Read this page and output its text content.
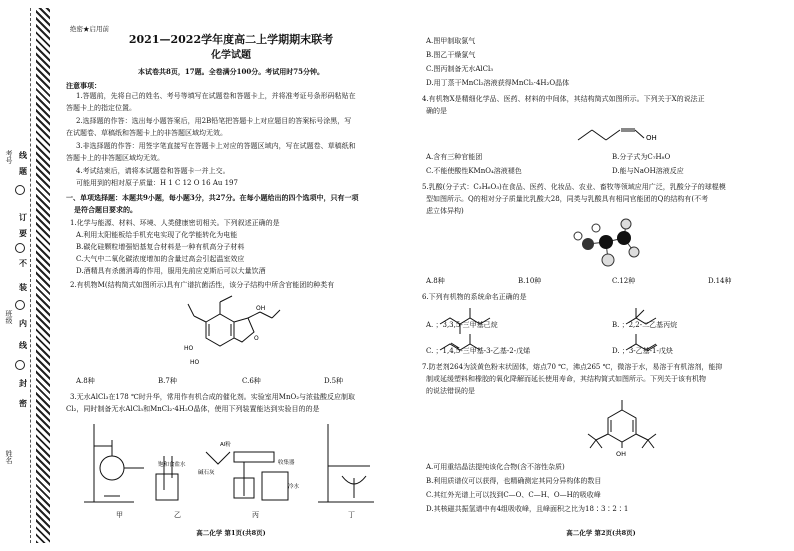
考号
班级
姓名
线
题
订
要
不
装
内
线
封
密
绝密★启用前
2021—2022学年度高二上学期期末联考
化学试题
本试卷共8页，17题。全卷满分100分。考试用时75分钟。
注意事项：
1.答题前，先将自己的姓名、考号等填写在试题卷和答题卡上，并将准考证号条形码粘贴在
答题卡上的指定位置。
2.选择题的作答：选出每小题答案后，用2B铅笔把答题卡上对应题目的答案标号涂黑，写
在试题卷、草稿纸和答题卡上的非答题区域均无效。
3.非选择题的作答：用签字笔直接写在答题卡上对应的答题区域内，写在试题卷、草稿纸和
答题卡上的非答题区域均无效。
4.考试结束后，请将本试题卷和答题卡一并上交。
可能用到的相对原子质量：H 1 C 12 O 16 Au 197
一、单项选择题：本题共9小题，每小题3分，共27分。在每小题给出的四个选项中，只有一项
是符合题目要求的。
1.化学与能源、材料、环境、人类健康密切相关。下列叙述正确的是
A.利用太阳能板给手机充电实现了化学能转化为电能
B.碳化硅颗粒增强铝基复合材料是一种有机高分子材料
C.大气中二氧化碳浓度增加的含量过高会引起温室效应
D.酒精具有杀菌消毒的作用，服用先前应克斯后可以大量饮酒
2.有机物M(结构简式如图所示)具有广谱抗菌活性，该分子结构中所含官能团的种类有
HO
HO
O
OH
A.8种	B.7种	C.6种	D.5种
3.无水AlCl₃在178 ℃时升华，常用作有机合成的催化剂。实验室用MnO₂与浓盐酸反应制取
Cl₂，同时制备无水AlCl₃和MnCl₂·4H₂O晶体，使用下列装置能达到实验目的的是
Al粉
饱和食盐水
碱石灰
收集器
冷水
甲	乙	丙	丁
高二化学 第1页(共8页)
A.图甲制取氯气
B.图乙干燥氯气
C.图丙制备无水AlCl₃
D.用丁蒸干MnCl₂溶液获得MnCl₂·4H₂O晶体
4.有机物X是精细化学品、医药、材料的中间体，其结构简式如图所示。下列关于X的说法正
确的是
OH
A.含有三种官能团	B.分子式为C₇H₈O
C.不能使酸性KMnO₄溶液褪色	D.能与NaOH溶液反应
5.乳酸(分子式：C₃H₆O₃)在食品、医药、化妆品、农业、畜牧等领域应用广泛，乳酸分子的球棍模
型如图所示。Q的相对分子质量比乳酸大28，同类与乳酸具有相同官能团的Q的结构有(不考
虑立体异构)
A.8种	B.10种	C.12种	D.14种
6.下列有机物的系统命名正确的是
A. ；3,3,5-三甲基己烷	B. ；2,2-二乙基丙烷
C. ；1,4,5-三甲基-3-乙基-2-戊烯	D. ；3-乙基-1-戊炔
7.防老剂264为淡黄色粉末状固体，熔点70 ℃，沸点265 ℃，微溶于水，易溶于有机溶剂，能抑
制或延缓塑料和橡胶的氧化降解而延长使用寿命，其结构简式如图所示。下列关于该有机物
的说法错误的是
OH
A.可用重结晶法提纯该化合物(含不溶性杂质)
B.利用质谱仪可以获得，也精确测定其同分异构体的数目
C.其红外光谱上可以找到C—O、C—H、O—H的吸收峰
D.其核磁共振氢谱中有4组吸收峰，且峰面积之比为18∶3∶2∶1
高二化学 第2页(共8页)
